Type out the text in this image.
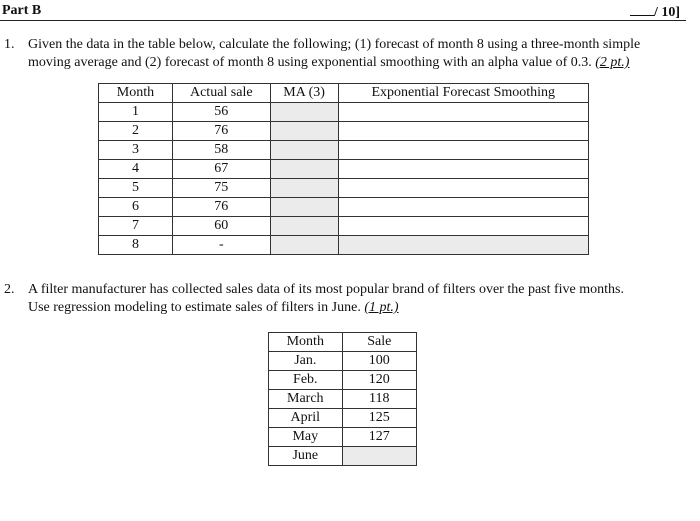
Part B	/ 10]
1. Given the data in the table below, calculate the following; (1) forecast of month 8 using a three-month simple
moving average and (2) forecast of month 8 using exponential smoothing with an alpha value of 0.3. (2 pt.)
Month	Actual sale	MA (3)	Exponential Forecast Smoothing
1	56		
2	76		
3	58		
4	67		
5	75		
6	76		
7	60		
8	-		
2. A filter manufacturer has collected sales data of its most popular brand of filters over the past five months.
Use regression modeling to estimate sales of filters in June. (1 pt.)
Month	Sale
Jan.	100
Feb.	120
March	118
April	125
May	127
June	
